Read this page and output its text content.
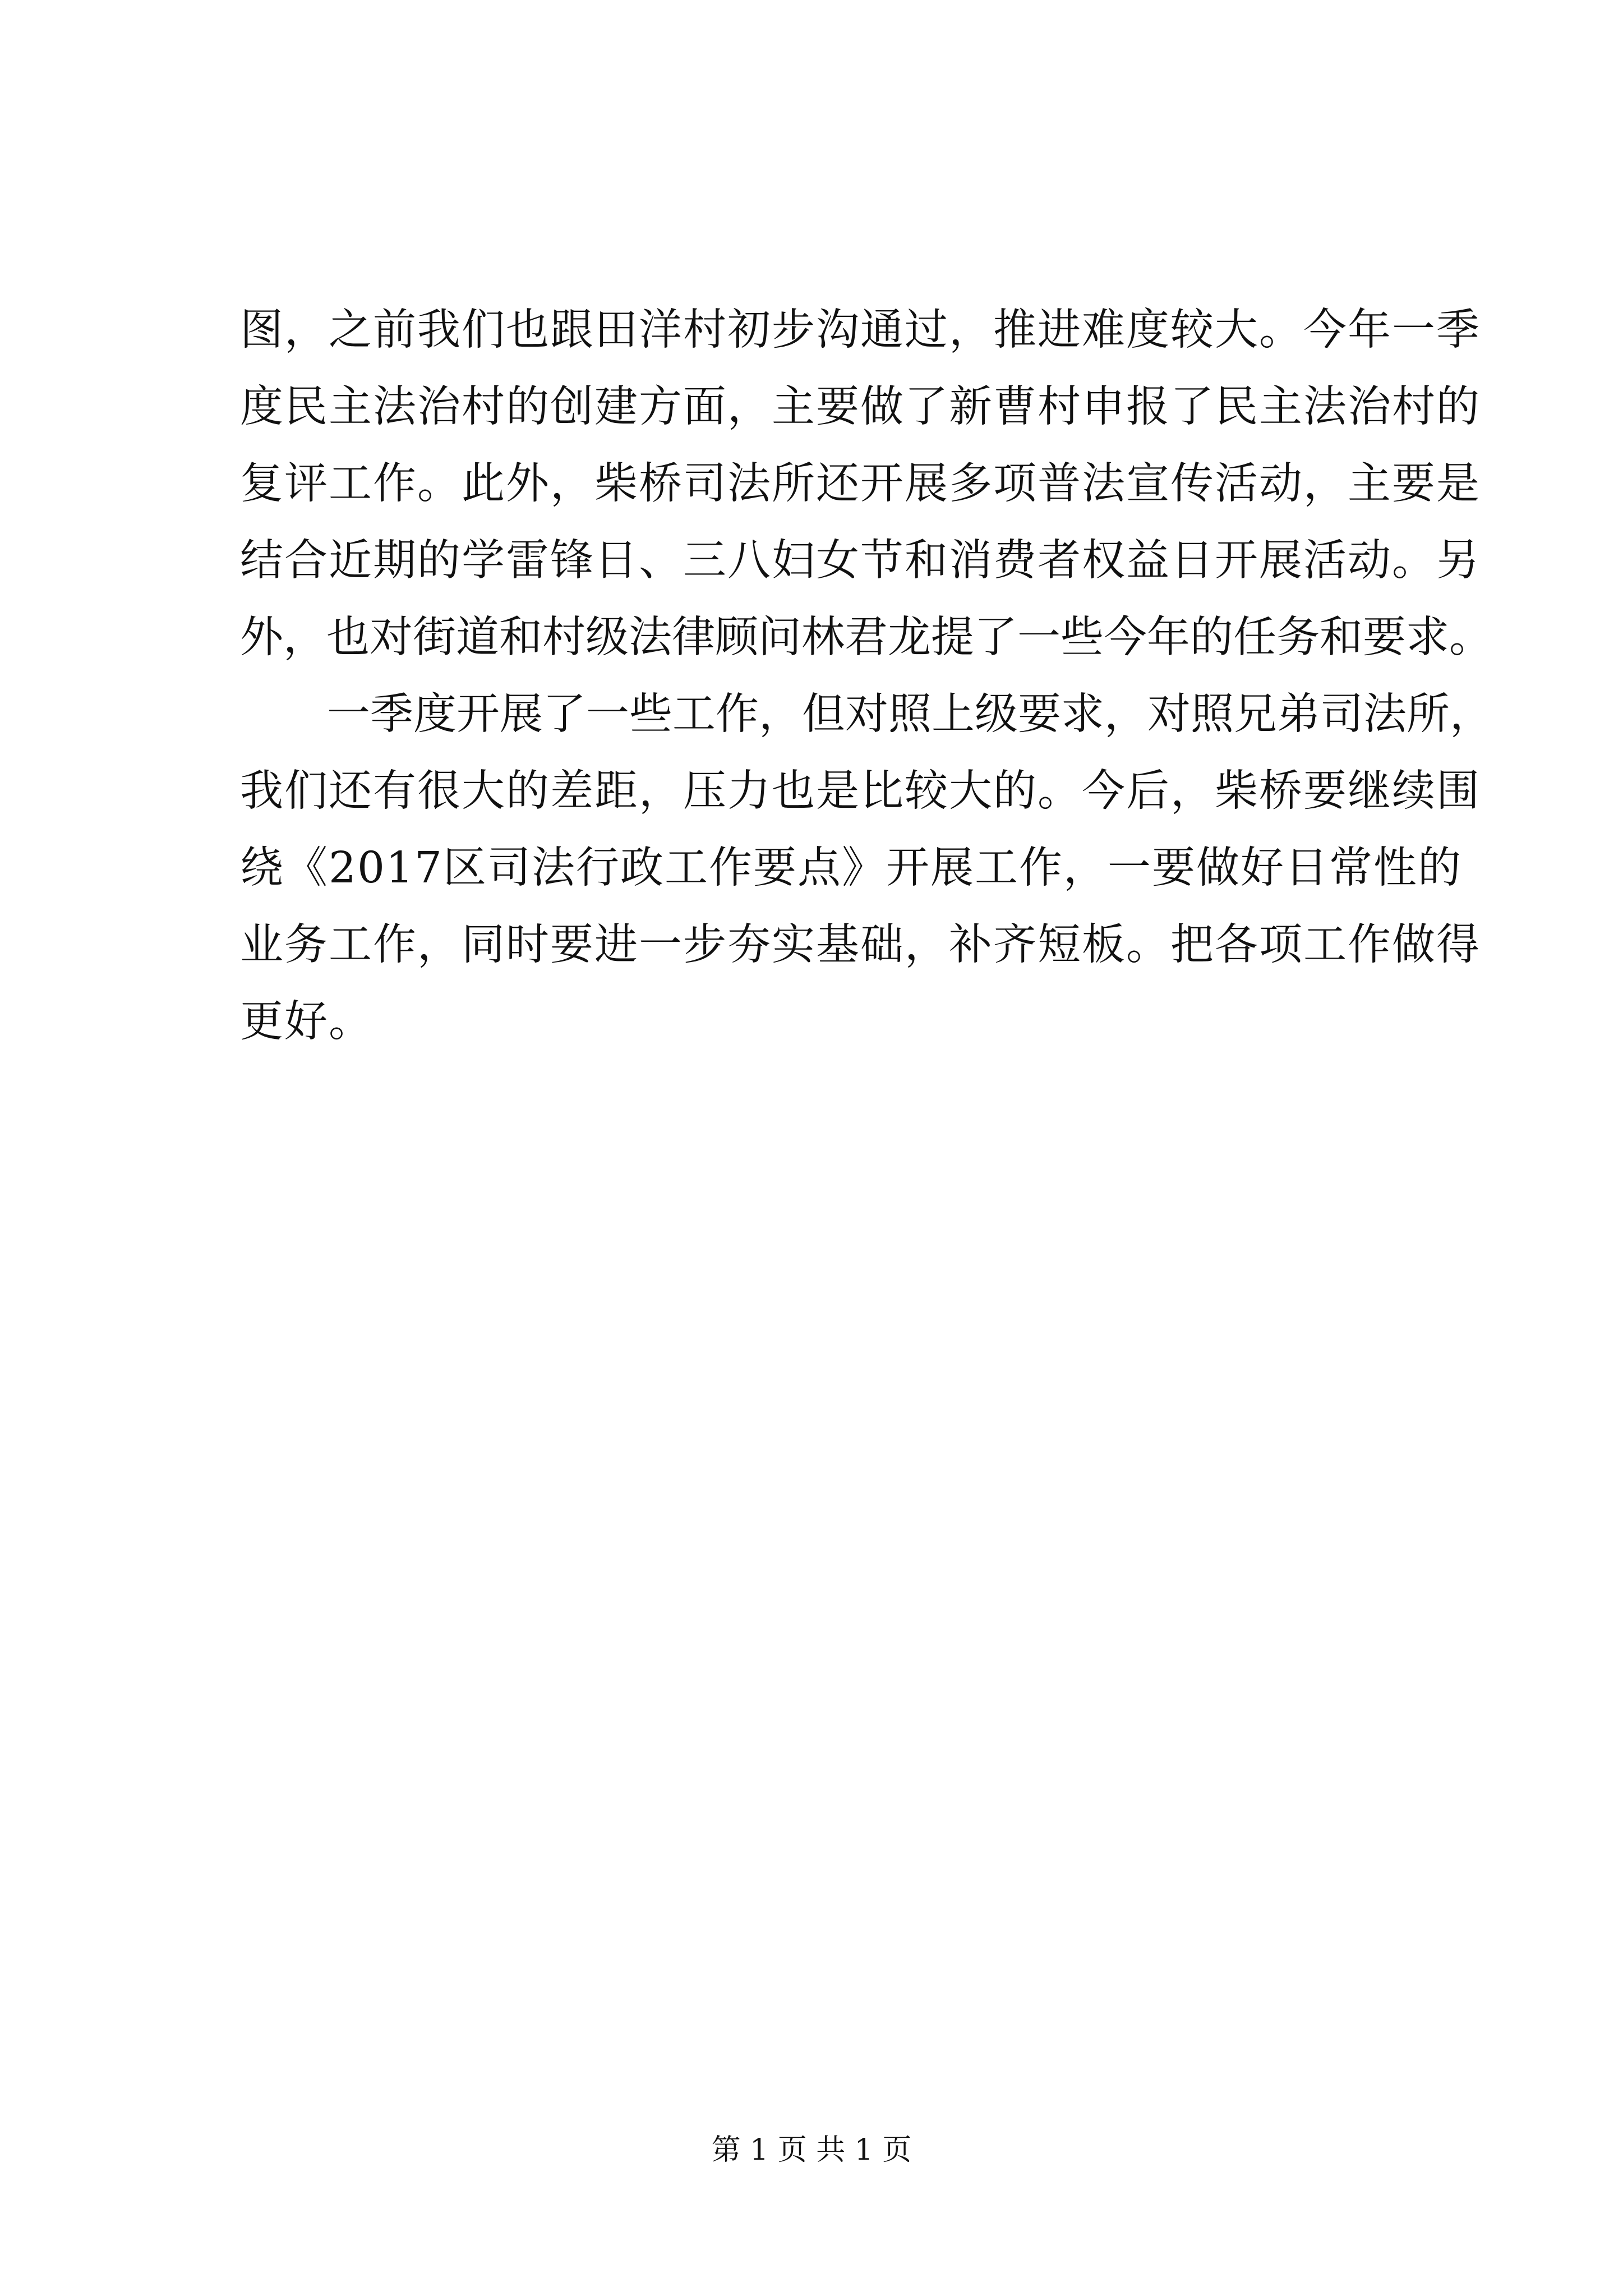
图，之前我们也跟田洋村初步沟通过，推进难度较大。今年一季
度民主法治村的创建方面，主要做了新曹村申报了民主法治村的
复评工作。此外，柴桥司法所还开展多项普法宣传活动，主要是
结合近期的学雷锋日、三八妇女节和消费者权益日开展活动。另
外，也对街道和村级法律顾问林君龙提了一些今年的任务和要求。
一季度开展了一些工作，但对照上级要求，对照兄弟司法所，
我们还有很大的差距，压力也是比较大的。今后，柴桥要继续围
绕《2017区司法行政工作要点》开展工作，一要做好日常性的
业务工作，同时要进一步夯实基础，补齐短板。把各项工作做得
更好。
第 1 页 共 1 页
